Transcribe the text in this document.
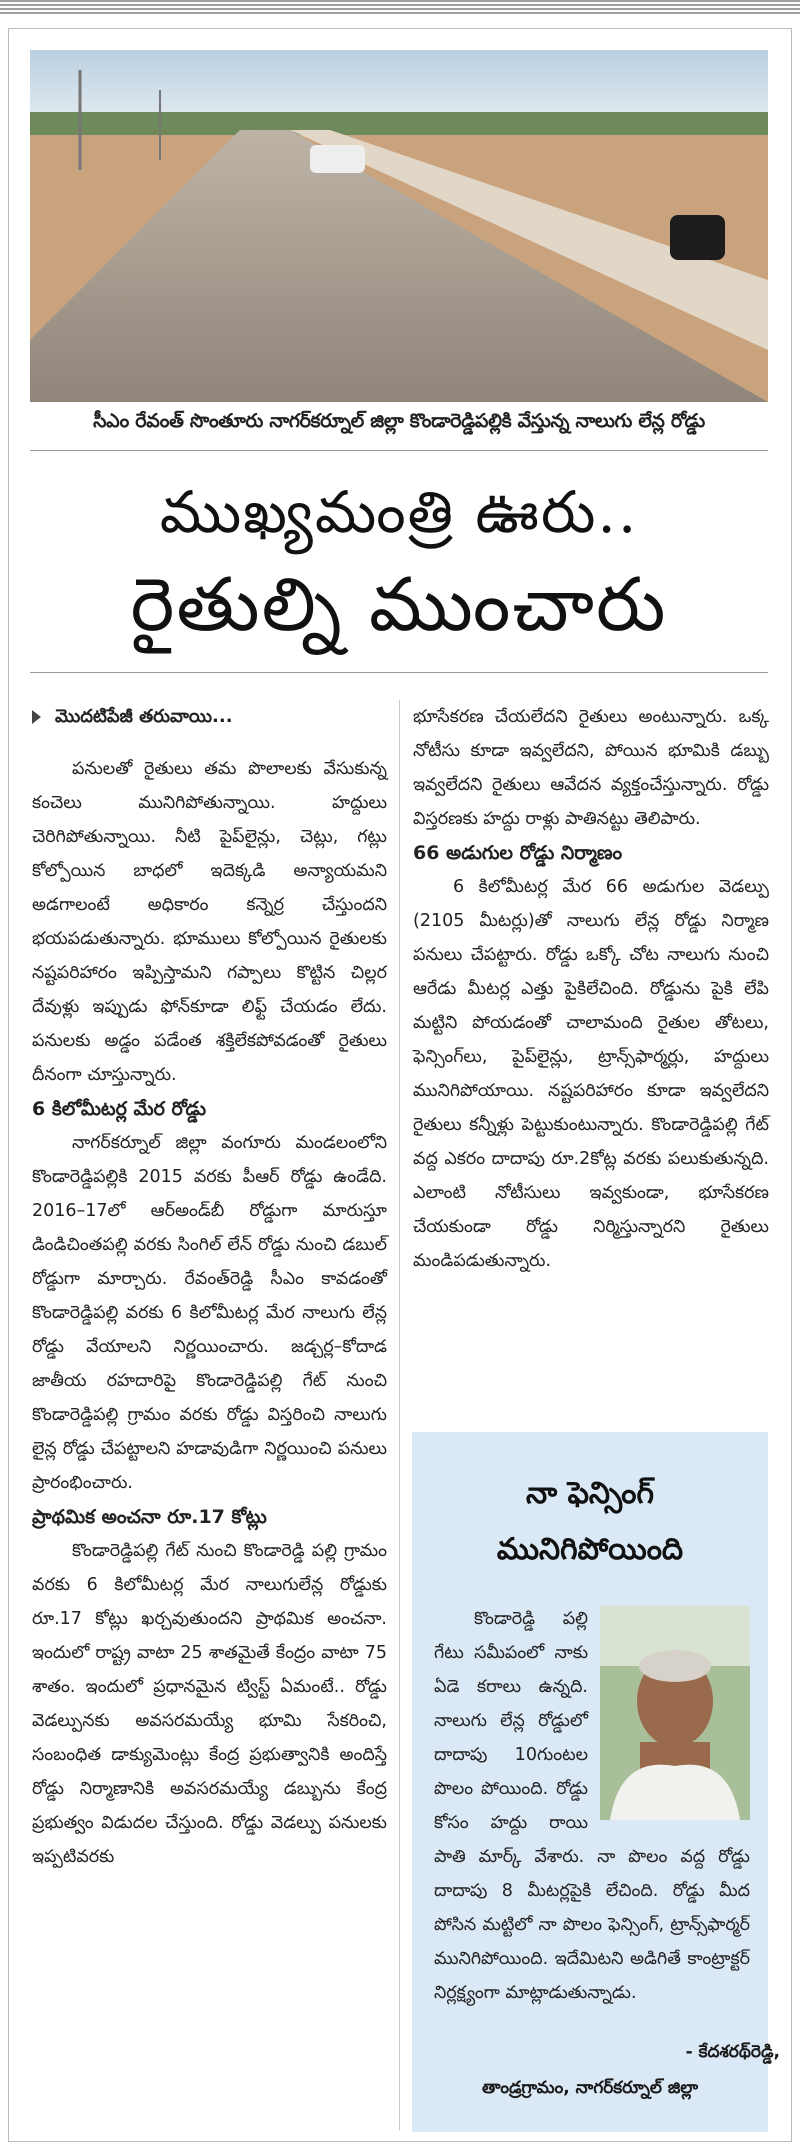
సీఎం రేవంత్ సొంతూరు నాగర్‌కర్నూల్ జిల్లా కొండారెడ్డిపల్లికి వేస్తున్న నాలుగు లేన్ల రోడ్డు
ముఖ్యమంత్రి ఊరు..
రైతుల్ని ముంచారు
మొదటిపేజీ తరువాయి...

పనులతో రైతులు తమ పొలాలకు వేసుకున్న కంచెలు మునిగిపోతున్నాయి. హద్దులు చెరిగిపోతున్నాయి. నీటి పైప్‌లైన్లు, చెట్లు, గట్లు కోల్పోయిన బాధలో ఇదెక్కడి అన్యాయమని అడగాలంటే అధికారం కన్నెర్ర చేస్తుందని భయపడుతున్నారు. భూములు కోల్పోయిన రైతులకు నష్టపరిహారం ఇప్పిస్తామని గప్పాలు కొట్టిన చిల్లర దేవుళ్లు ఇప్పుడు ఫోన్‌కూడా లిఫ్ట్ చేయడం లేదు. పనులకు అడ్డం పడేంత శక్తిలేకపోవడంతో రైతులు దీనంగా చూస్తున్నారు.

6 కిలోమీటర్ల మేర రోడ్డు

నాగర్‌కర్నూల్ జిల్లా వంగూరు మండలంలోని కొండారెడ్డిపల్లికి 2015 వరకు పీఆర్ రోడ్డు ఉండేది. 2016–17లో ఆర్‌అండ్‌బీ రోడ్డుగా మారుస్తూ డిండిచింతపల్లి వరకు సింగిల్ లేన్ రోడ్డు నుంచి డబుల్ రోడ్డుగా మార్చారు. రేవంత్‌రెడ్డి సీఎం కావడంతో కొండారెడ్డిపల్లి వరకు 6 కిలోమీటర్ల మేర నాలుగు లేన్ల రోడ్డు వేయాలని నిర్ణయించారు. జడ్చర్ల–కోదాడ జాతీయ రహదారిపై కొండారెడ్డిపల్లి గేట్ నుంచి కొండారెడ్డిపల్లి గ్రామం వరకు రోడ్డు విస్తరించి నాలుగు లైన్ల రోడ్డు చేపట్టాలని హడావుడిగా నిర్ణయించి పనులు ప్రారంభించారు.

ప్రాథమిక అంచనా రూ.17 కోట్లు

కొండారెడ్డిపల్లి గేట్ నుంచి కొండారెడ్డి పల్లి గ్రామం వరకు 6 కిలోమీటర్ల మేర నాలుగులేన్ల రోడ్డుకు రూ.17 కోట్లు ఖర్చవుతుందని ప్రాథమిక అంచనా. ఇందులో రాష్ట్ర వాటా 25 శాతమైతే కేంద్రం వాటా 75 శాతం. ఇందులో ప్రధానమైన ట్విస్ట్ ఏమంటే.. రోడ్డు వెడల్పునకు అవసరమయ్యే భూమి సేకరించి, సంబంధిత డాక్యుమెంట్లు కేంద్ర ప్రభుత్వానికి అందిస్తే రోడ్డు నిర్మాణానికి అవసరమయ్యే డబ్బును కేంద్ర ప్రభుత్వం విడుదల చేస్తుంది. రోడ్డు వెడల్పు పనులకు ఇప్పటివరకు

భూసేకరణ చేయలేదని రైతులు అంటున్నారు. ఒక్క నోటీసు కూడా ఇవ్వలేదని, పోయిన భూమికి డబ్బు ఇవ్వలేదని రైతులు ఆవేదన వ్యక్తంచేస్తున్నారు. రోడ్డు విస్తరణకు హద్దు రాళ్లు పాతినట్టు తెలిపారు.

66 అడుగుల రోడ్డు నిర్మాణం

6 కిలోమీటర్ల మేర 66 అడుగుల వెడల్పు (2105 మీటర్లు)తో నాలుగు లేన్ల రోడ్డు నిర్మాణ పనులు చేపట్టారు. రోడ్డు ఒక్కో చోట నాలుగు నుంచి ఆరేడు మీటర్ల ఎత్తు పైకిలేచింది. రోడ్డును పైకి లేపి మట్టిని పోయడంతో చాలామంది రైతుల తోటలు, ఫెన్సింగ్‌లు, పైప్‌లైన్లు, ట్రాన్స్‌ఫార్మర్లు, హద్దులు మునిగిపోయాయి. నష్టపరిహారం కూడా ఇవ్వలేదని రైతులు కన్నీళ్లు పెట్టుకుంటున్నారు. కొండారెడ్డిపల్లి గేట్ వద్ద ఎకరం దాదాపు రూ.2కోట్ల వరకు పలుకుతున్నది. ఎలాంటి నోటీసులు ఇవ్వకుండా, భూసేకరణ చేయకుండా రోడ్డు నిర్మిస్తున్నారని రైతులు మండిపడుతున్నారు.

నా ఫెన్సింగ్
మునిగిపోయింది

కొండారెడ్డి పల్లి గేటు సమీపంలో నాకు ఏడె కరాలు ఉన్నది. నాలుగు లేన్ల రోడ్డులో దాదాపు 10గుంటల పొలం పోయింది. రోడ్డు కోసం హద్దు రాయి పాతి మార్క్ వేశారు. నా పొలం వద్ద రోడ్డు దాదాపు 8 మీటర్లపైకి లేచింది. రోడ్డు మీద పోసిన మట్టిలో నా పొలం ఫెన్సింగ్, ట్రాన్స్‌ఫార్మర్ మునిగిపోయింది. ఇదేమిటని అడిగితే కాంట్రాక్టర్ నిర్లక్ష్యంగా మాట్లాడుతున్నాడు.

- కేదశరథ్‌రెడ్డి,
తాండ్రగ్రామం, నాగర్‌కర్నూల్ జిల్లా
